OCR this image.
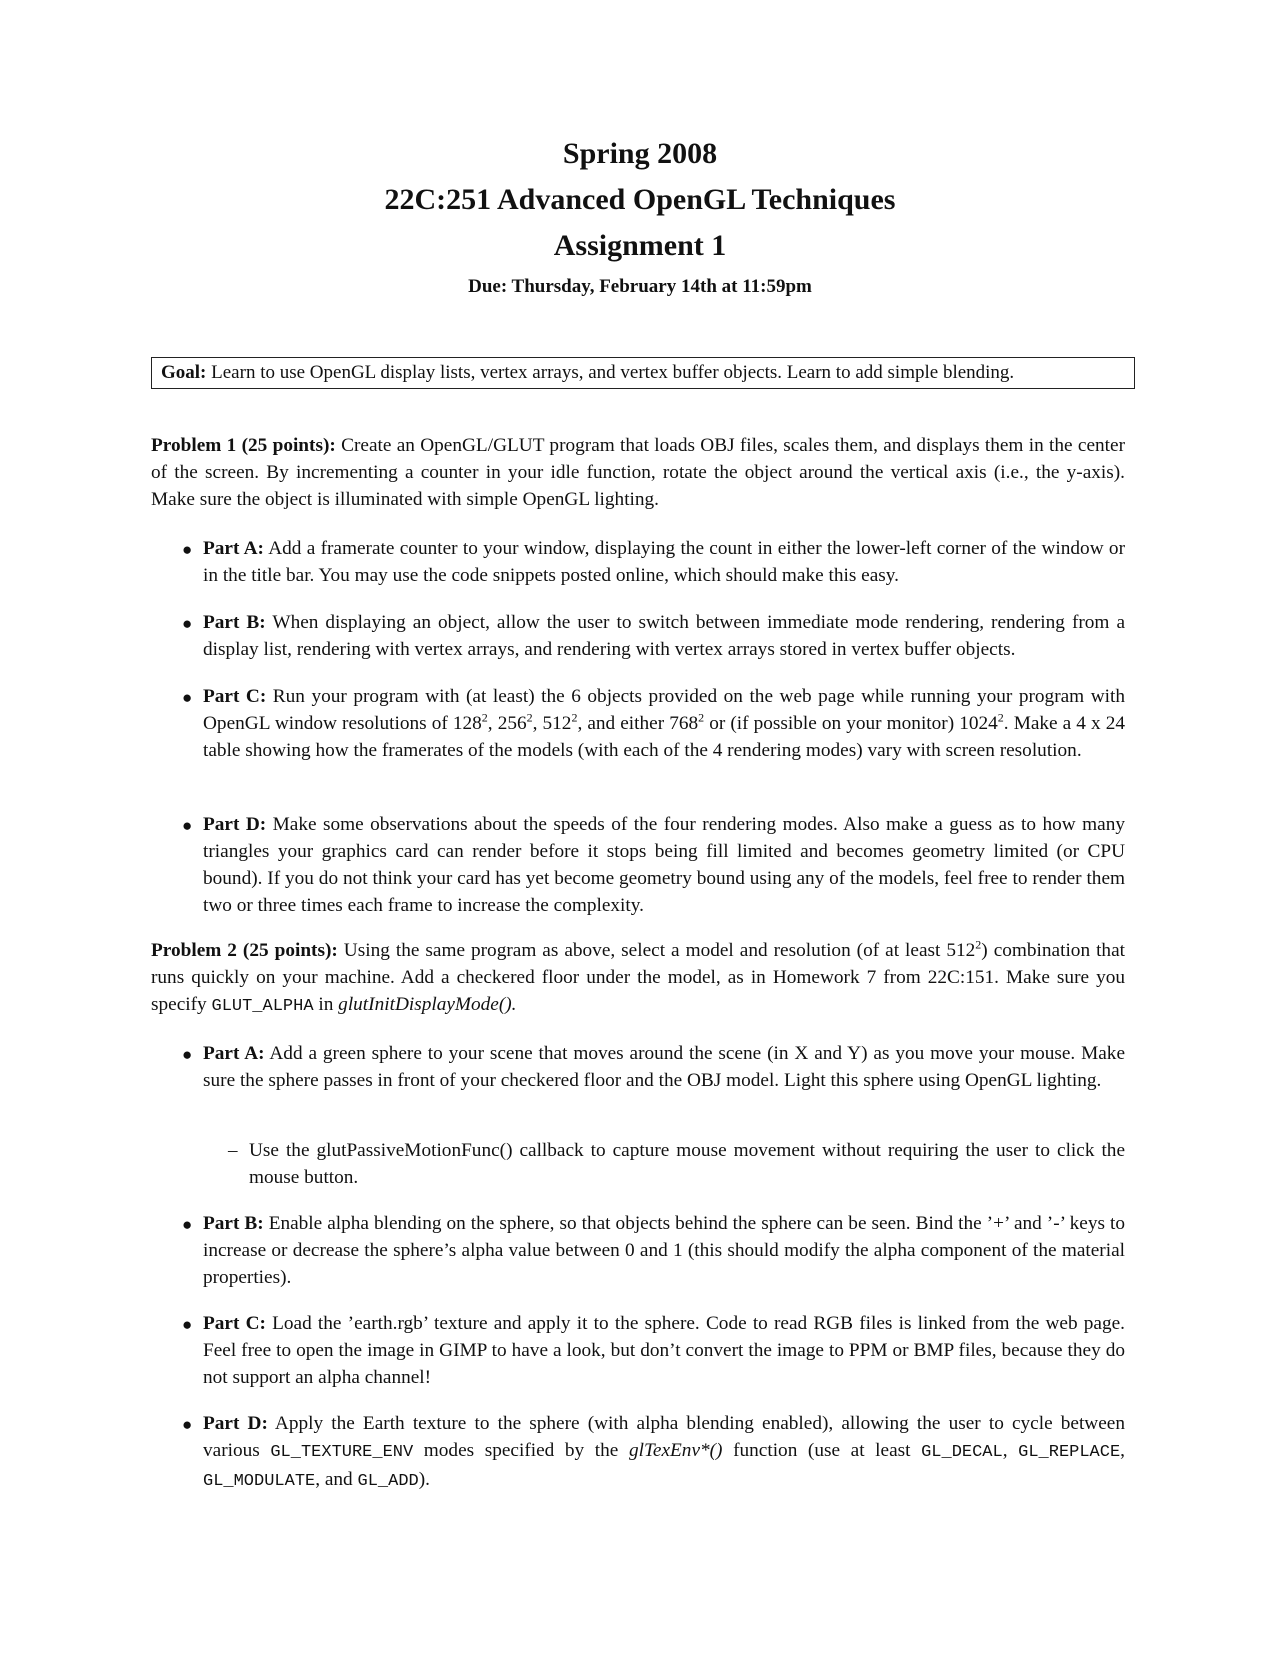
Spring 2008
22C:251 Advanced OpenGL Techniques
Assignment 1
Due: Thursday, February 14th at 11:59pm
Goal: Learn to use OpenGL display lists, vertex arrays, and vertex buffer objects. Learn to add simple blending.

Problem 1 (25 points): Create an OpenGL/GLUT program that loads OBJ files, scales them, and displays them in the center of the screen. By incrementing a counter in your idle function, rotate the object around the vertical axis (i.e., the y-axis). Make sure the object is illuminated with simple OpenGL lighting.

● Part A: Add a framerate counter to your window, displaying the count in either the lower-left corner of the window or in the title bar. You may use the code snippets posted online, which should make this easy.

● Part B: When displaying an object, allow the user to switch between immediate mode rendering, rendering from a display list, rendering with vertex arrays, and rendering with vertex arrays stored in vertex buffer objects.

● Part C: Run your program with (at least) the 6 objects provided on the web page while running your program with OpenGL window resolutions of $128^2$, $256^2$, $512^2$, and either $768^2$ or (if possible on your monitor) 1024$^2$. Make a 4 x 24 table showing how the framerates of the models (with each of the 4 rendering modes) vary with screen resolution.

● Part D: Make some observations about the speeds of the four rendering modes. Also make a guess as to how many triangles your graphics card can render before it stops being fill limited and becomes geometry limited (or CPU bound). If you do not think your card has yet become geometry bound using any of the models, feel free to render them two or three times each frame to increase the complexity.

Problem 2 (25 points): Using the same program as above, select a model and resolution (of at least $512^2$) combination that runs quickly on your machine. Add a checkered floor under the model, as in Homework 7 from 22C:151. Make sure you specify GLUT_ALPHA in glutInitDisplayMode().

● Part A: Add a green sphere to your scene that moves around the scene (in X and Y) as you move your mouse. Make sure the sphere passes in front of your checkered floor and the OBJ model. Light this sphere using OpenGL lighting.

– Use the glutPassiveMotionFunc() callback to capture mouse movement without requiring the user to click the mouse button.

● Part B: Enable alpha blending on the sphere, so that objects behind the sphere can be seen. Bind the ’+’ and ’-’ keys to increase or decrease the sphere’s alpha value between 0 and 1 (this should modify the alpha component of the material properties).

● Part C: Load the ’earth.rgb’ texture and apply it to the sphere. Code to read RGB files is linked from the web page. Feel free to open the image in GIMP to have a look, but don’t convert the image to PPM or BMP files, because they do not support an alpha channel!

● Part D: Apply the Earth texture to the sphere (with alpha blending enabled), allowing the user to cycle between various GL_TEXTURE_ENV modes specified by the glTexEnv*() function (use at least GL_DECAL, GL_REPLACE, GL_MODULATE, and GL_ADD).
